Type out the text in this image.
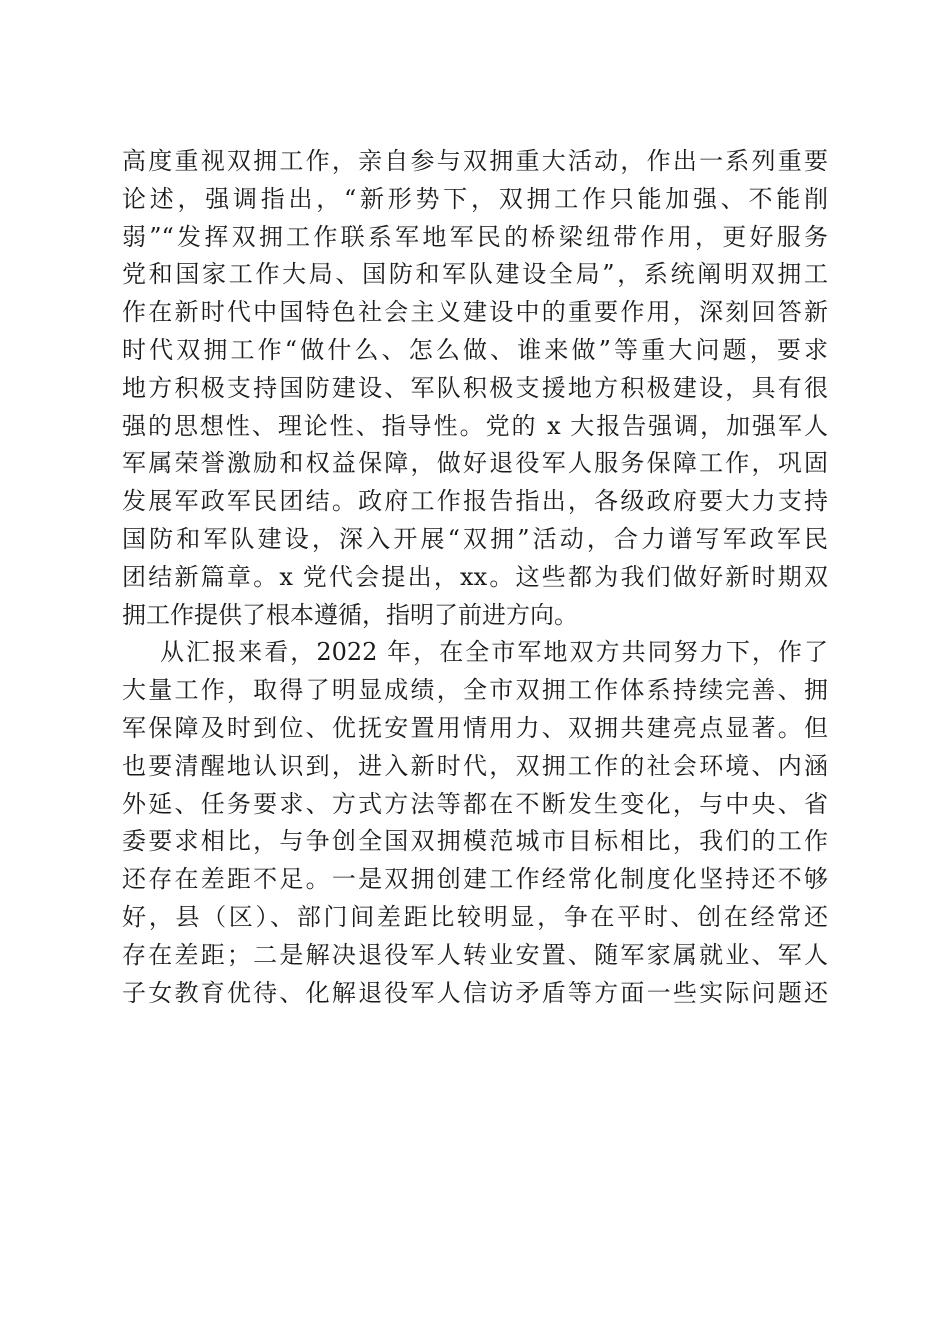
高度重视双拥工作，亲自参与双拥重大活动，作出一系列重要
论述，强调指出，“新形势下，双拥工作只能加强、不能削
弱”“发挥双拥工作联系军地军民的桥梁纽带作用，更好服务
党和国家工作大局、国防和军队建设全局”，系统阐明双拥工
作在新时代中国特色社会主义建设中的重要作用，深刻回答新
时代双拥工作“做什么、怎么做、谁来做”等重大问题，要求
地方积极支持国防建设、军队积极支援地方积极建设，具有很
强的思想性、理论性、指导性。党的 x 大报告强调，加强军人
军属荣誉激励和权益保障，做好退役军人服务保障工作，巩固
发展军政军民团结。政府工作报告指出，各级政府要大力支持
国防和军队建设，深入开展“双拥”活动，合力谱写军政军民
团结新篇章。x 党代会提出，xx。这些都为我们做好新时期双
拥工作提供了根本遵循，指明了前进方向。
从汇报来看，2022 年，在全市军地双方共同努力下，作了
大量工作，取得了明显成绩，全市双拥工作体系持续完善、拥
军保障及时到位、优抚安置用情用力、双拥共建亮点显著。但
也要清醒地认识到，进入新时代，双拥工作的社会环境、内涵
外延、任务要求、方式方法等都在不断发生变化，与中央、省
委要求相比，与争创全国双拥模范城市目标相比，我们的工作
还存在差距不足。一是双拥创建工作经常化制度化坚持还不够
好，县（区）、部门间差距比较明显，争在平时、创在经常还
存在差距；二是解决退役军人转业安置、随军家属就业、军人
子女教育优待、化解退役军人信访矛盾等方面一些实际问题还
